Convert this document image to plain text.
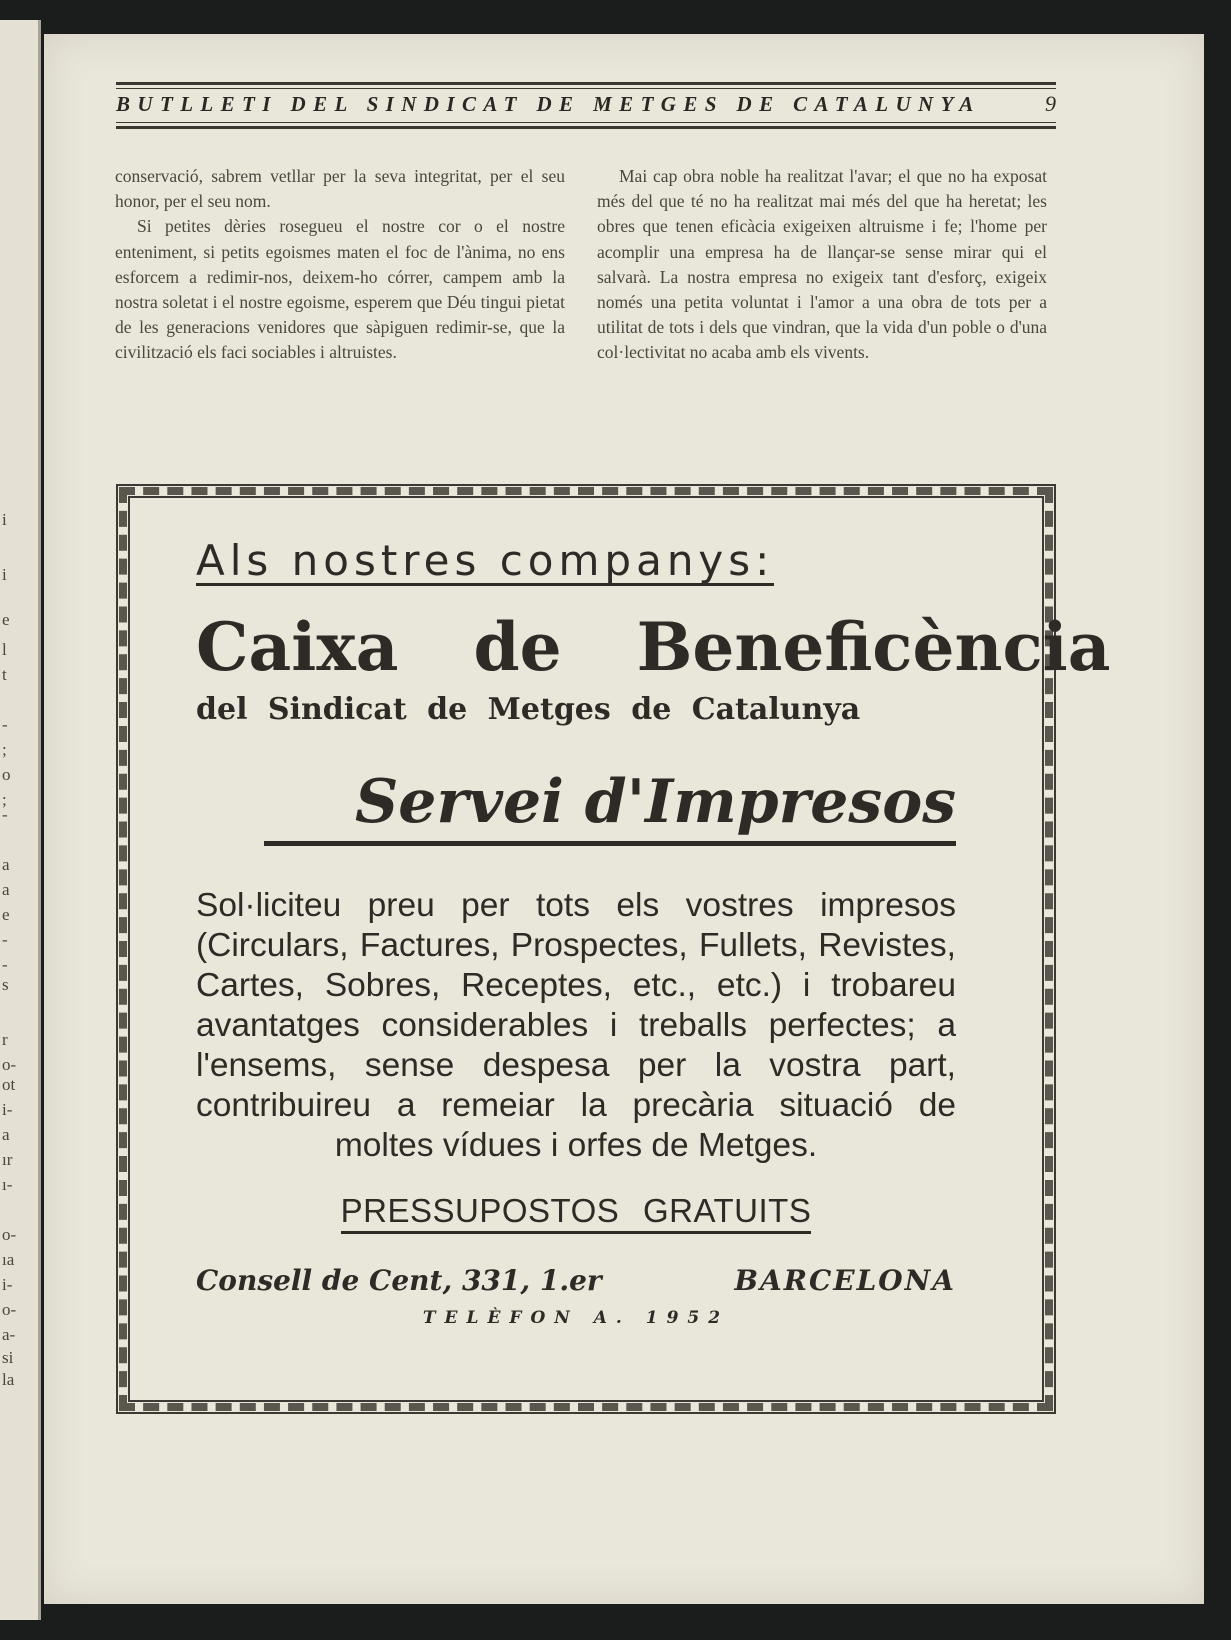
i
i
e
l
t
-
;
o
;
-
a
a
e
-
-
s
r
o-
ot
i-
a
ır
ı-
o-
ıa
i-
o-
a-
si
la
BUTLLETI DEL SINDICAT DE METGES DE CATALUNYA	9

conservació, sabrem vetllar per la seva integritat, per el seu honor, per el seu nom.

Si petites dèries rosegueu el nostre cor o el nostre enteniment, si petits egoismes maten el foc de l'ànima, no ens esforcem a redimir-nos, deixem-ho córrer, campem amb la nostra soletat i el nostre egoisme, esperem que Déu tingui pietat de les generacions venidores que sàpiguen redimir-se, que la civilització els faci sociables i altruistes.

Mai cap obra noble ha realitzat l'avar; el que no ha exposat més del que té no ha realitzat mai més del que ha heretat; les obres que tenen eficàcia exigeixen altruisme i fe; l'home per acomplir una empresa ha de llançar-se sense mirar qui el salvarà. La nostra empresa no exigeix tant d'esforç, exigeix només una petita voluntat i l'amor a una obra de tots per a utilitat de tots i dels que vindran, que la vida d'un poble o d'una col·lectivitat no acaba amb els vivents.

Als nostres companys:
Caixa de Beneficència
del Sindicat de Metges de Catalunya
Servei d'Impresos
Sol·liciteu preu per tots els vostres impresos (Circulars, Factures, Prospectes, Fullets, Revistes, Cartes, Sobres, Receptes, etc., etc.) i trobareu avantatges considerables i treballs perfectes; a l'ensems, sense despesa per la vostra part, contribuireu a remeiar la precària situació de moltes vídues i orfes de Metges.
PRESSUPOSTOS GRATUITS
Consell de Cent, 331, 1.er	BARCELONA
TELÈFON A. 1952
